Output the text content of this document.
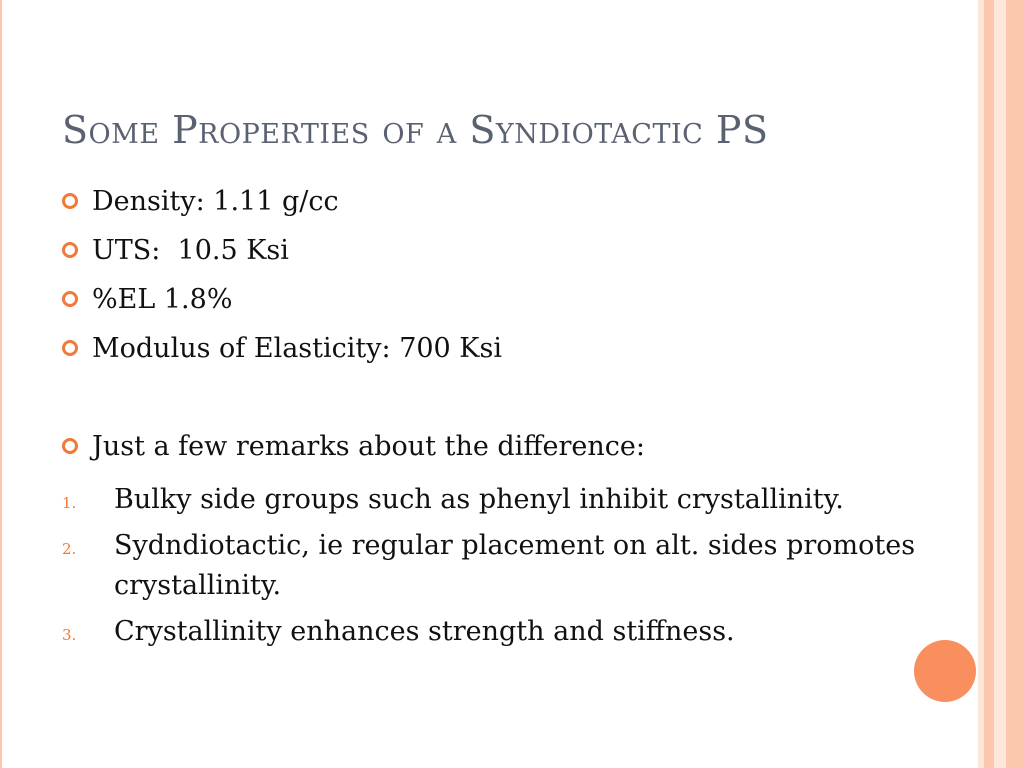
Some Properties of a Syndiotactic PS
Density: 1.11 g/cc
UTS:  10.5 Ksi
%EL 1.8%
Modulus of Elasticity: 700 Ksi
Just a few remarks about the difference:
1. Bulky side groups such as phenyl inhibit crystallinity.
2. Sydndiotactic, ie regular placement on alt. sides promotes crystallinity.
3. Crystallinity enhances strength and stiffness.
